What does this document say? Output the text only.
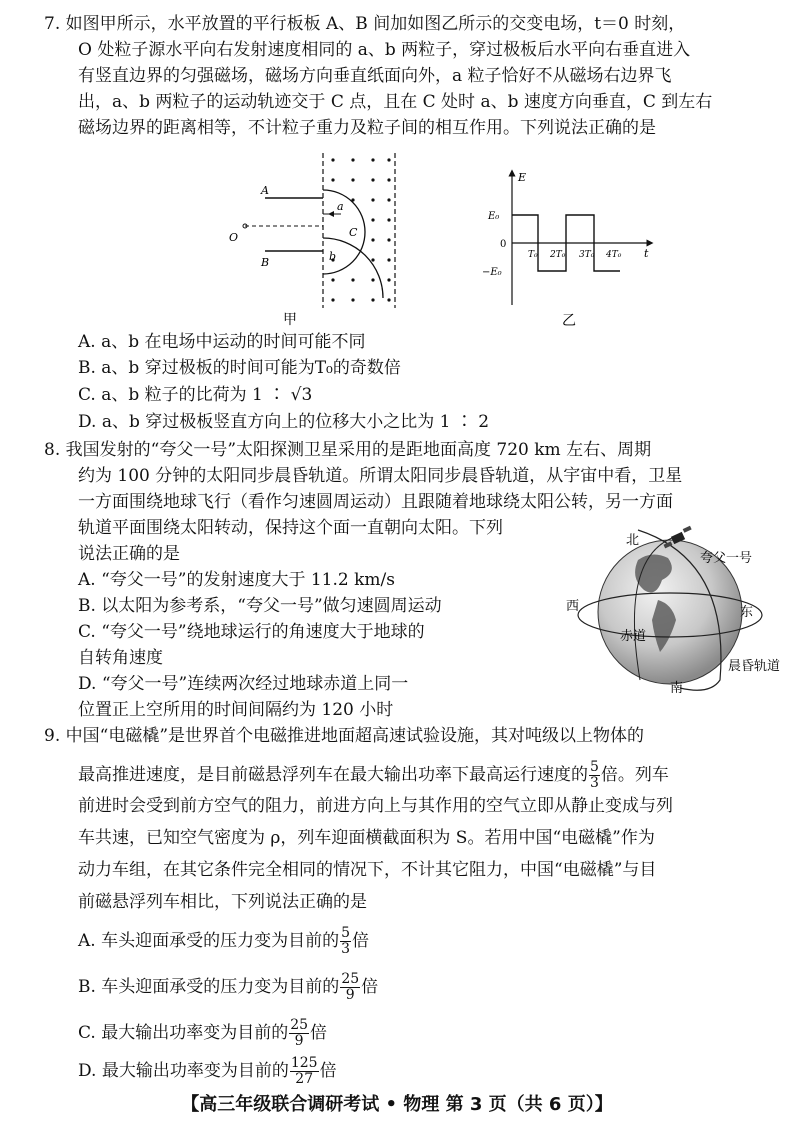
7. 如图甲所示，水平放置的平行板板 A、B 间加如图乙所示的交变电场，t＝0 时刻，
O 处粒子源水平向右发射速度相同的 a、b 两粒子，穿过极板后水平向右垂直进入
有竖直边界的匀强磁场，磁场方向垂直纸面向外，a 粒子恰好不从磁场右边界飞
出，a、b 两粒子的运动轨迹交于 C 点，且在 C 处时 a、b 速度方向垂直，C 到左右
磁场边界的距离相等，不计粒子重力及粒子间的相互作用。下列说法正确的是
A
B
O
a
b
C
甲
E
E₀
−E₀
0
t
T₀ 2T₀ 3T₀ 4T₀
乙
A. a、b 在电场中运动的时间可能不同
B. a、b 穿过极板的时间可能为T₀的奇数倍
C. a、b 粒子的比荷为 1 ∶ √3
D. a、b 穿过极板竖直方向上的位移大小之比为 1 ∶ 2
8. 我国发射的“夸父一号”太阳探测卫星采用的是距地面高度 720 km 左右、周期
约为 100 分钟的太阳同步晨昏轨道。所谓太阳同步晨昏轨道，从宇宙中看，卫星
一方面围绕地球飞行（看作匀速圆周运动）且跟随着地球绕太阳公转，另一方面
轨道平面围绕太阳转动，保持这个面一直朝向太阳。下列
说法正确的是
A. “夸父一号”的发射速度大于 11.2 km/s
B. 以太阳为参考系，“夸父一号”做匀速圆周运动
C. “夸父一号”绕地球运行的角速度大于地球的
自转角速度
D. “夸父一号”连续两次经过地球赤道上同一
位置正上空所用的时间间隔约为 120 小时
北
南
西	东
赤道
晨昏轨道
夸父一号
9. 中国“电磁橇”是世界首个电磁推进地面超高速试验设施，其对吨级以上物体的
最高推进速度，是目前磁悬浮列车在最大输出功率下最高运行速度的 $\frac{5}{3}$ 倍。列车
前进时会受到前方空气的阻力，前进方向上与其作用的空气立即从静止变成与列
车共速，已知空气密度为 ρ，列车迎面横截面积为 S。若用中国“电磁橇”作为
动力车组，在其它条件完全相同的情况下，不计其它阻力，中国“电磁橇”与目
前磁悬浮列车相比，下列说法正确的是
A. 车头迎面承受的压力变为目前的 $\frac{5}{3}$ 倍
B. 车头迎面承受的压力变为目前的 $\frac{25}{9}$ 倍
C. 最大输出功率变为目前的 $\frac{25}{9}$ 倍
D. 最大输出功率变为目前的 $\frac{125}{27}$ 倍
【高三年级联合调研考试 • 物理 第 3 页（共 6 页）】
